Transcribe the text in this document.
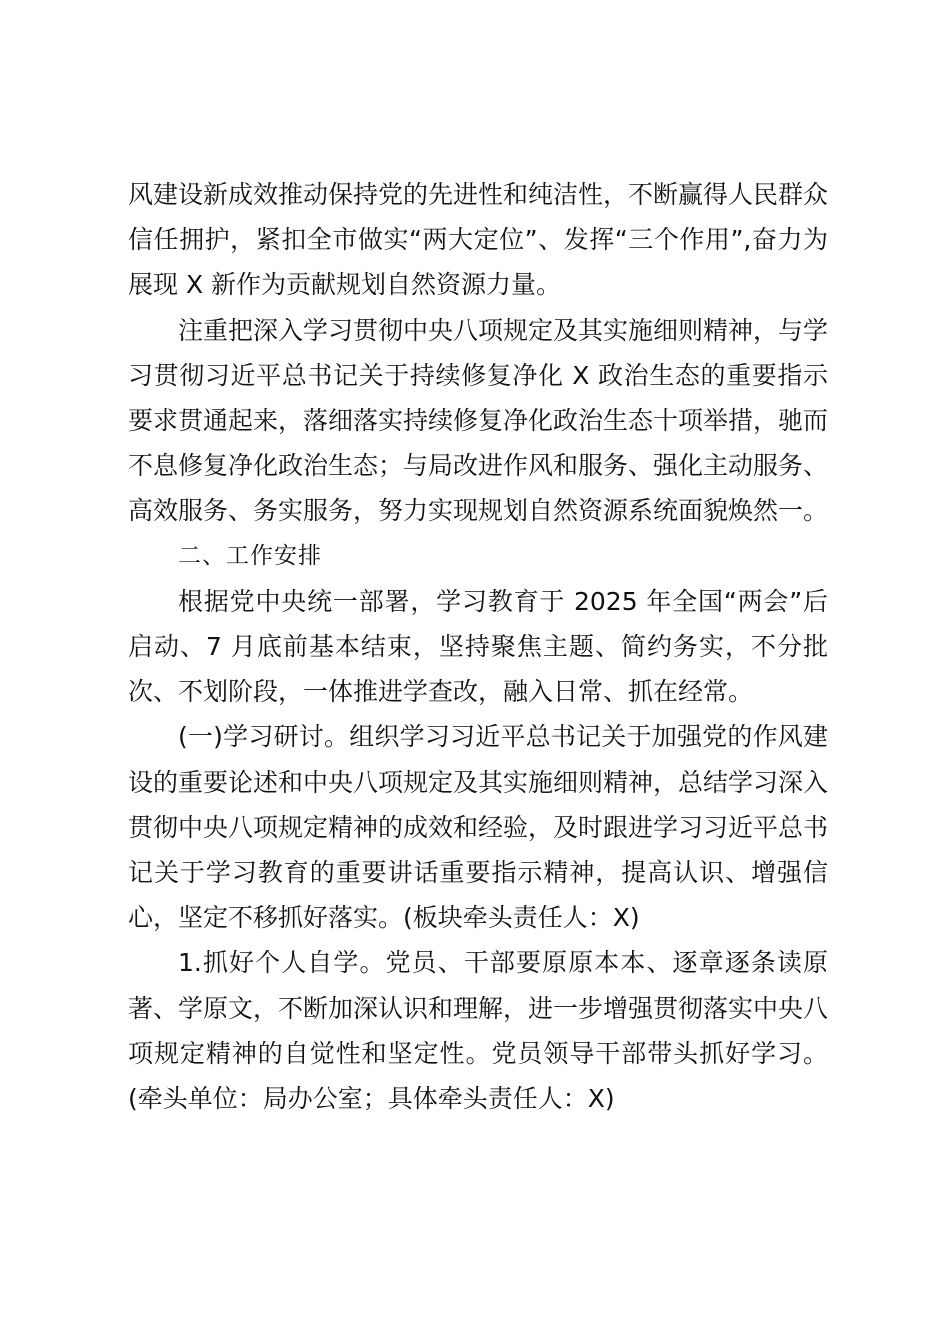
风建设新成效推动保持党的先进性和纯洁性，不断赢得人民群众信任拥护，紧扣全市做实“两大定位”、发挥“三个作用”,奋力为展现 X 新作为贡献规划自然资源力量。

注重把深入学习贯彻中央八项规定及其实施细则精神，与学习贯彻习近平总书记关于持续修复净化 X 政治生态的重要指示要求贯通起来，落细落实持续修复净化政治生态十项举措，驰而不息修复净化政治生态；与局改进作风和服务、强化主动服务、高效服务、务实服务，努力实现规划自然资源系统面貌焕然一。

二、工作安排

根据党中央统一部署，学习教育于 2025 年全国“两会”后启动、7 月底前基本结束，坚持聚焦主题、简约务实，不分批次、不划阶段，一体推进学查改，融入日常、抓在经常。

(一)学习研讨。组织学习习近平总书记关于加强党的作风建设的重要论述和中央八项规定及其实施细则精神，总结学习深入贯彻中央八项规定精神的成效和经验，及时跟进学习习近平总书记关于学习教育的重要讲话重要指示精神，提高认识、增强信心，坚定不移抓好落实。(板块牵头责任人：X)

1.抓好个人自学。党员、干部要原原本本、逐章逐条读原著、学原文，不断加深认识和理解，进一步增强贯彻落实中央八项规定精神的自觉性和坚定性。党员领导干部带头抓好学习。(牵头单位：局办公室；具体牵头责任人：X)
